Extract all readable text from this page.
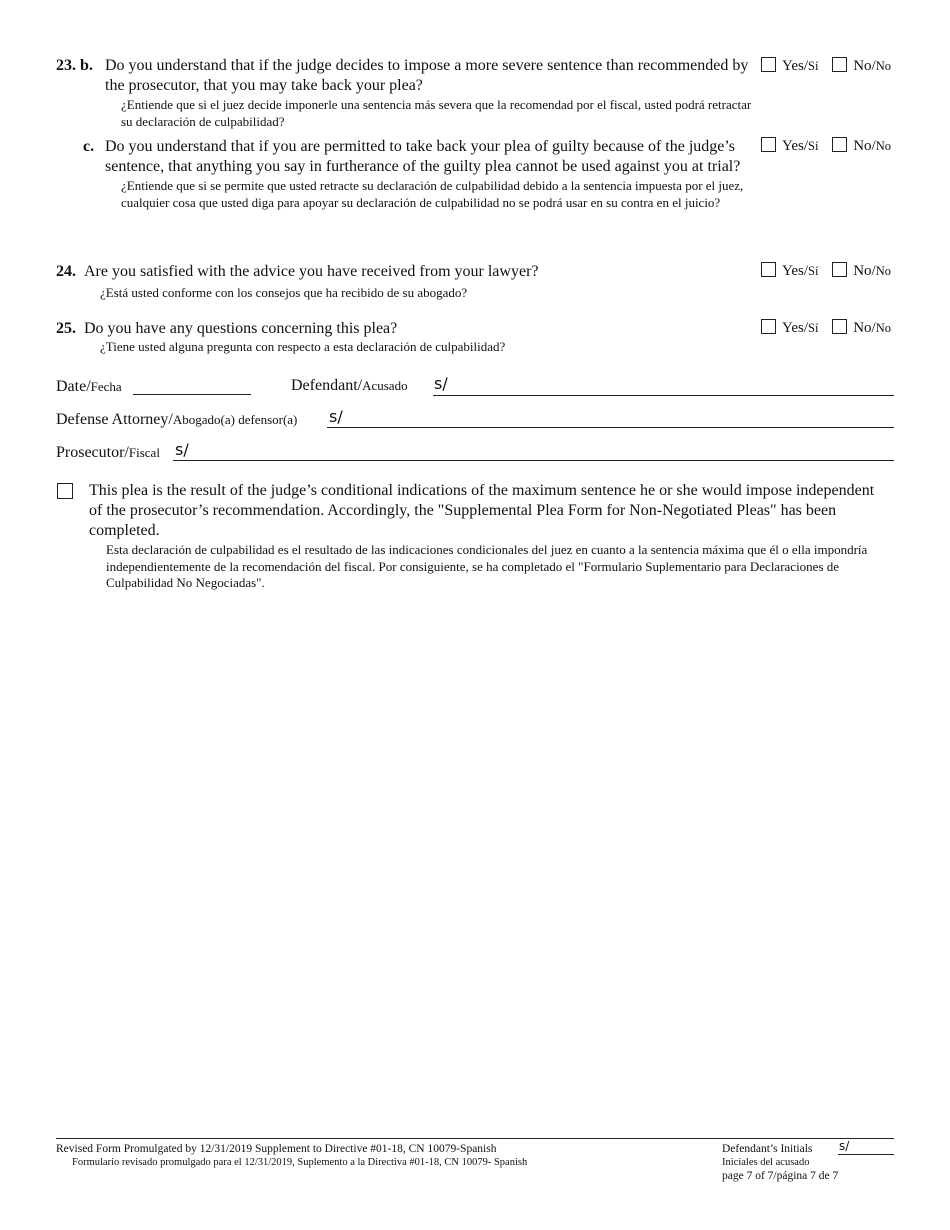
23. b. Do you understand that if the judge decides to impose a more severe sentence than recommended by the prosecutor, that you may take back your plea?
¿Entiende que si el juez decide imponerle una sentencia más severa que la recomendad por el fiscal, usted podrá retractar su declaración de culpabilidad?
Yes/Sí No/No
c. Do you understand that if you are permitted to take back your plea of guilty because of the judge’s sentence, that anything you say in furtherance of the guilty plea cannot be used against you at trial?
¿Entiende que si se permite que usted retracte su declaración de culpabilidad debido a la sentencia impuesta por el juez, cualquier cosa que usted diga para apoyar su declaración de culpabilidad no se podrá usar en su contra en el juicio?
Yes/Sí No/No
24. Are you satisfied with the advice you have received from your lawyer?
¿Está usted conforme con los consejos que ha recibido de su abogado?
Yes/Sí No/No
25. Do you have any questions concerning this plea?
¿Tiene usted alguna pregunta con respecto a esta declaración de culpabilidad?
Yes/Sí No/No
Date/Fecha	Defendant/Acusado s/
Defense Attorney/Abogado(a) defensor(a) s/
Prosecutor/Fiscal s/
This plea is the result of the judge’s conditional indications of the maximum sentence he or she would impose independent of the prosecutor’s recommendation. Accordingly, the "Supplemental Plea Form for Non-Negotiated Pleas" has been completed.
Esta declaración de culpabilidad es el resultado de las indicaciones condicionales del juez en cuanto a la sentencia máxima que él o ella impondría independientemente de la recomendación del fiscal. Por consiguiente, se ha completado el "Formulario Suplementario para Declaraciones de Culpabilidad No Negociadas".
Revised Form Promulgated by 12/31/2019 Supplement to Directive #01-18, CN 10079-Spanish
Formulario revisado promulgado para el 12/31/2019, Suplemento a la Directiva #01-18, CN 10079- Spanish
Defendant’s Initials s/
Iniciales del acusado
page 7 of 7/página 7 de 7
